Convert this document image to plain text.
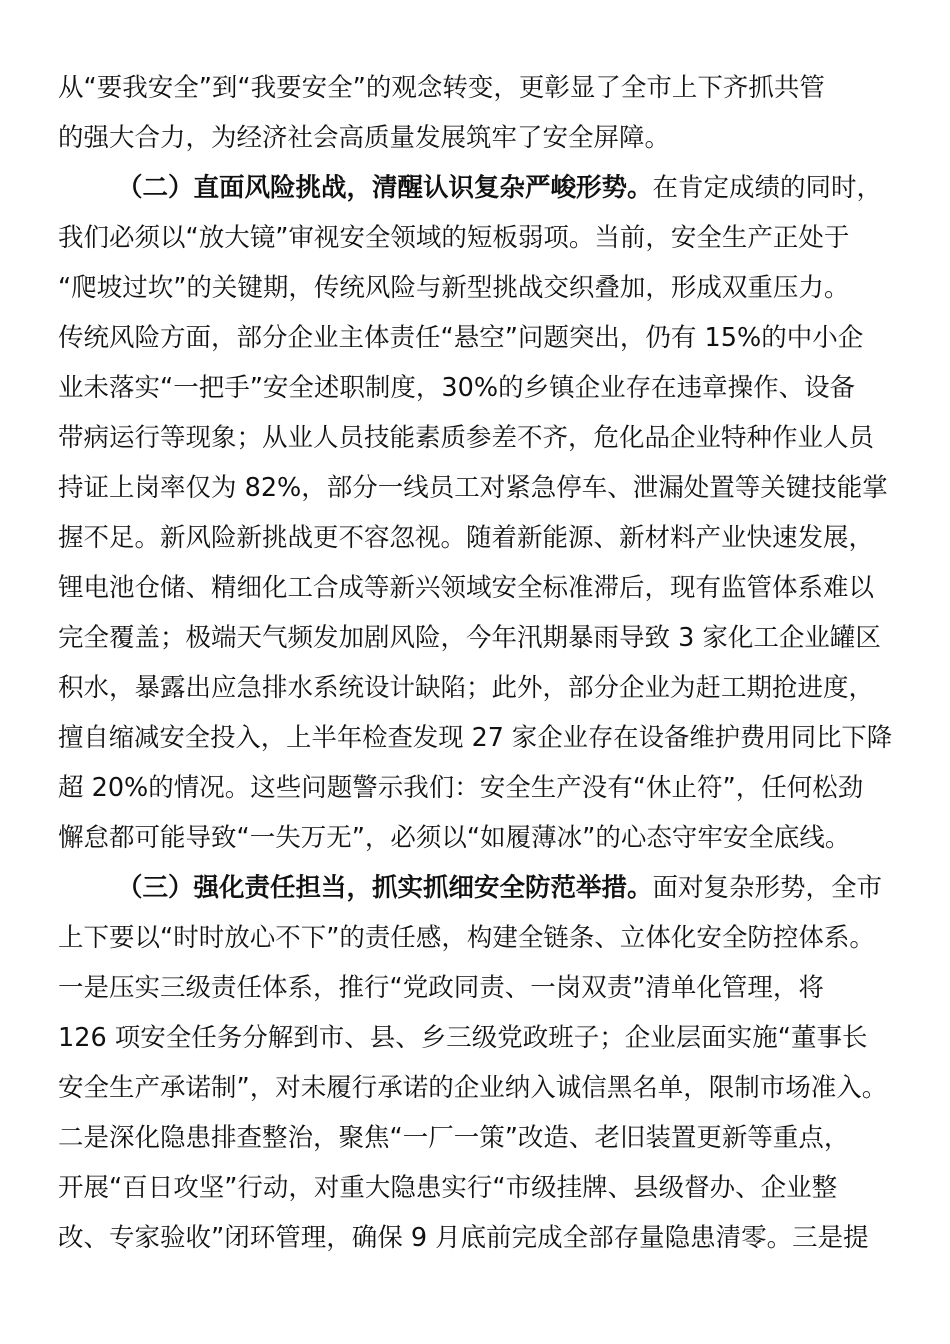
从“要我安全”到“我要安全”的观念转变，更彰显了全市上下齐抓共管
的强大合力，为经济社会高质量发展筑牢了安全屏障。
（二）直面风险挑战，清醒认识复杂严峻形势。在肯定成绩的同时，
我们必须以“放大镜”审视安全领域的短板弱项。当前，安全生产正处于
“爬坡过坎”的关键期，传统风险与新型挑战交织叠加，形成双重压力。
传统风险方面，部分企业主体责任“悬空”问题突出，仍有 15%的中小企
业未落实“一把手”安全述职制度，30%的乡镇企业存在违章操作、设备
带病运行等现象；从业人员技能素质参差不齐，危化品企业特种作业人员
持证上岗率仅为 82%，部分一线员工对紧急停车、泄漏处置等关键技能掌
握不足。新风险新挑战更不容忽视。随着新能源、新材料产业快速发展，
锂电池仓储、精细化工合成等新兴领域安全标准滞后，现有监管体系难以
完全覆盖；极端天气频发加剧风险，今年汛期暴雨导致 3 家化工企业罐区
积水，暴露出应急排水系统设计缺陷；此外，部分企业为赶工期抢进度，
擅自缩减安全投入，上半年检查发现 27 家企业存在设备维护费用同比下降
超 20%的情况。这些问题警示我们：安全生产没有“休止符”，任何松劲
懈怠都可能导致“一失万无”，必须以“如履薄冰”的心态守牢安全底线。
（三）强化责任担当，抓实抓细安全防范举措。面对复杂形势，全市
上下要以“时时放心不下”的责任感，构建全链条、立体化安全防控体系。
一是压实三级责任体系，推行“党政同责、一岗双责”清单化管理，将
126 项安全任务分解到市、县、乡三级党政班子；企业层面实施“董事长
安全生产承诺制”，对未履行承诺的企业纳入诚信黑名单，限制市场准入。
二是深化隐患排查整治，聚焦“一厂一策”改造、老旧装置更新等重点，
开展“百日攻坚”行动，对重大隐患实行“市级挂牌、县级督办、企业整
改、专家验收”闭环管理，确保 9 月底前完成全部存量隐患清零。三是提
